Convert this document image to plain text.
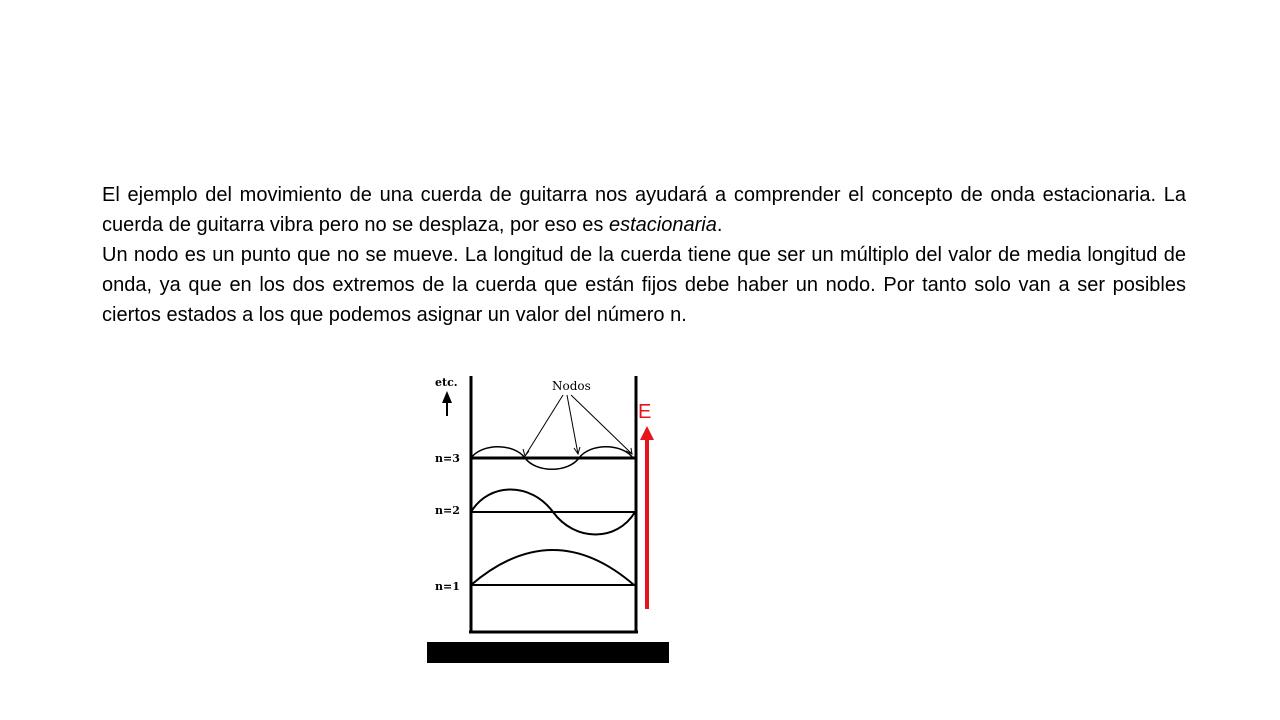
El ejemplo del movimiento de una cuerda de guitarra nos ayudará a comprender el concepto de onda estacionaria. La cuerda de guitarra vibra pero no se desplaza, por eso es estacionaria.

Un nodo es un punto que no se mueve. La longitud de la cuerda tiene que ser un múltiplo del valor de media longitud de onda, ya que en los dos extremos de la cuerda que están fijos debe haber un nodo. Por tanto solo van a ser posibles ciertos estados a los que podemos asignar un valor del número n.

etc.
n=3
n=2
n=1
Nodos
E
